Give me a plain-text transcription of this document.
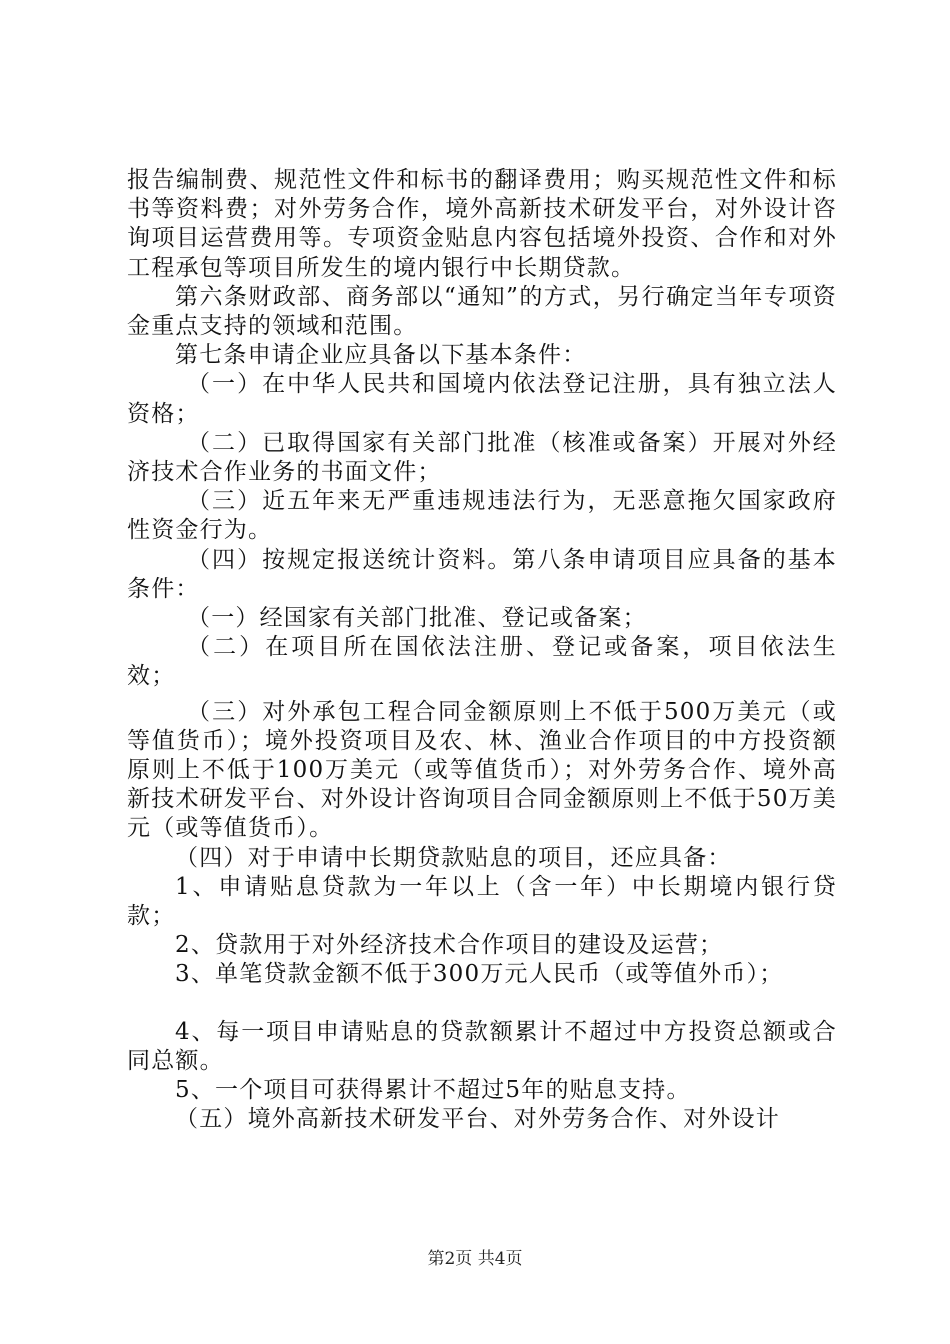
报告编制费、规范性文件和标书的翻译费用；购买规范性文件和标书等资料费；对外劳务合作，境外高新技术研发平台，对外设计咨询项目运营费用等。专项资金贴息内容包括境外投资、合作和对外工程承包等项目所发生的境内银行中长期贷款。

第六条财政部、商务部以“通知”的方式，另行确定当年专项资金重点支持的领域和范围。

第七条申请企业应具备以下基本条件：

（一）在中华人民共和国境内依法登记注册，具有独立法人资格；

（二）已取得国家有关部门批准（核准或备案）开展对外经济技术合作业务的书面文件；

（三）近五年来无严重违规违法行为，无恶意拖欠国家政府性资金行为。

（四）按规定报送统计资料。第八条申请项目应具备的基本条件：

（一）经国家有关部门批准、登记或备案；

（二）在项目所在国依法注册、登记或备案，项目依法生效；

（三）对外承包工程合同金额原则上不低于500万美元（或等值货币）；境外投资项目及农、林、渔业合作项目的中方投资额原则上不低于100万美元（或等值货币）；对外劳务合作、境外高新技术研发平台、对外设计咨询项目合同金额原则上不低于50万美元（或等值货币）。

（四）对于申请中长期贷款贴息的项目，还应具备：

1、申请贴息贷款为一年以上（含一年）中长期境内银行贷款；

2、贷款用于对外经济技术合作项目的建设及运营；

3、单笔贷款金额不低于300万元人民币（或等值外币）；

4、每一项目申请贴息的贷款额累计不超过中方投资总额或合同总额。

5、一个项目可获得累计不超过5年的贴息支持。

（五）境外高新技术研发平台、对外劳务合作、对外设计

第2页 共4页
